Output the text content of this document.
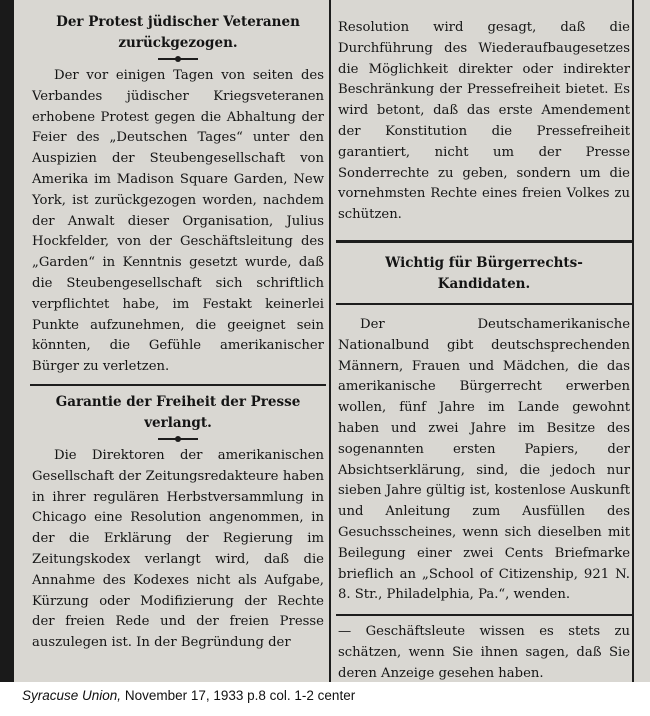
Der Protest jüdischer Veteranen zurückgezogen.

Der vor einigen Tagen von seiten des Verbandes jüdischer Kriegsveteranen erhobene Protest gegen die Abhaltung der Feier des „Deutschen Tages“ unter den Auspizien der Steubengesellschaft von Amerika im Madison Square Garden, New York, ist zurückgezogen worden, nachdem der Anwalt dieser Organisation, Julius Hockfelder, von der Geschäftsleitung des „Garden“ in Kenntnis gesetzt wurde, daß die Steubengesellschaft sich schriftlich verpflichtet habe, im Festakt keinerlei Punkte aufzunehmen, die geeignet sein könnten, die Gefühle amerikanischer Bürger zu verletzen.

Garantie der Freiheit der Presse verlangt.

Die Direktoren der amerikanischen Gesellschaft der Zeitungsredakteure haben in ihrer regulären Herbstversammlung in Chicago eine Resolution angenommen, in der die Erklärung der Regierung im Zeitungskodex verlangt wird, daß die Annahme des Kodexes nicht als Aufgabe, Kürzung oder Modifizierung der Rechte der freien Rede und der freien Presse auszulegen ist. In der Begründung der

Resolution wird gesagt, daß die Durchführung des Wiederaufbaugesetzes die Möglichkeit direkter oder indirekter Beschränkung der Pressefreiheit bietet. Es wird betont, daß das erste Amendement der Konstitution die Pressefreiheit garantiert, nicht um der Presse Sonderrechte zu geben, sondern um die vornehmsten Rechte eines freien Volkes zu schützen.

Wichtig für Bürgerrechts-Kandidaten.

Der Deutschamerikanische Nationalbund gibt deutschsprechenden Männern, Frauen und Mädchen, die das amerikanische Bürgerrecht erwerben wollen, fünf Jahre im Lande gewohnt haben und zwei Jahre im Besitze des sogenannten ersten Papiers, der Absichtserklärung, sind, die jedoch nur sieben Jahre gültig ist, kostenlose Auskunft und Anleitung zum Ausfüllen des Gesuchsscheines, wenn sich dieselben mit Beilegung einer zwei Cents Briefmarke brieflich an „School of Citizenship, 921 N. 8. Str., Philadelphia, Pa.“, wenden.

— Geschäftsleute wissen es stets zu schätzen, wenn Sie ihnen sagen, daß Sie deren Anzeige gesehen haben.

Syracuse Union, November 17, 1933 p.8 col. 1-2 center
